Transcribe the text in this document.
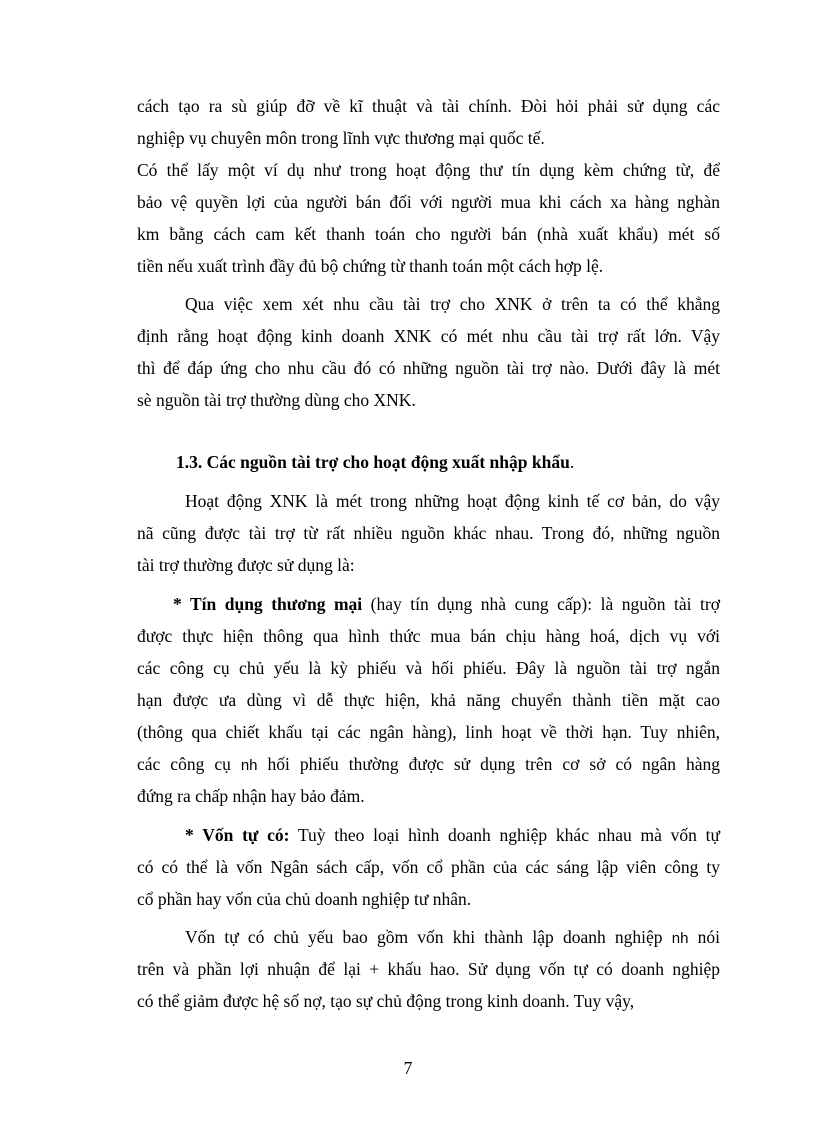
cách tạo ra sù giúp đỡ về kĩ thuật và tài chính. Đòi hỏi phải sử dụng các
nghiệp vụ chuyên môn trong lĩnh vực thương mại quốc tế.
Có thể lấy một ví dụ như trong hoạt động thư tín dụng kèm chứng từ, để
bảo vệ quyền lợi của người bán đối với người mua khi cách xa hàng nghàn
km bằng cách cam kết thanh toán cho người bán (nhà xuất khẩu) mét số
tiền nếu xuất trình đầy đủ bộ chứng từ thanh toán một cách hợp lệ.
Qua việc xem xét nhu cầu tài trợ cho XNK ở trên ta có thể khẳng
định rằng hoạt động kinh doanh XNK có mét nhu cầu tài trợ rất lớn. Vậy
thì để đáp ứng cho nhu cầu đó có những nguồn tài trợ nào. Dưới đây là mét
sè nguồn tài trợ thường dùng cho XNK.
1.3. Các nguồn tài trợ cho hoạt động xuất nhập khẩu.
Hoạt động XNK là mét trong những hoạt động kinh tế cơ bản, do vậy
nã cũng được tài trợ từ rất nhiều nguồn khác nhau. Trong đó, những nguồn
tài trợ thường được sử dụng là:
* Tín dụng thương mại (hay tín dụng nhà cung cấp): là nguồn tài trợ
được thực hiện thông qua hình thức mua bán chịu hàng hoá, dịch vụ với
các công cụ chủ yếu là kỳ phiếu và hối phiếu. Đây là nguồn tài trợ ngắn
hạn được ưa dùng vì dễ thực hiện, khả năng chuyển thành tiền mặt cao
(thông qua chiết khấu tại các ngân hàng), linh hoạt về thời hạn. Tuy nhiên,
các công cụ nh hối phiếu thường được sử dụng trên cơ sở có ngân hàng
đứng ra chấp nhận hay bảo đảm.
* Vốn tự có: Tuỳ theo loại hình doanh nghiệp khác nhau mà vốn tự
có có thể là vốn Ngân sách cấp, vốn cổ phần của các sáng lập viên công ty
cổ phần hay vốn của chủ doanh nghiệp tư nhân.
Vốn tự có chủ yếu bao gồm vốn khi thành lập doanh nghiệp nh nói
trên và phần lợi nhuận để lại + khấu hao. Sử dụng vốn tự có doanh nghiệp
có thể giảm được hệ số nợ, tạo sự chủ động trong kinh doanh. Tuy vậy,
7
